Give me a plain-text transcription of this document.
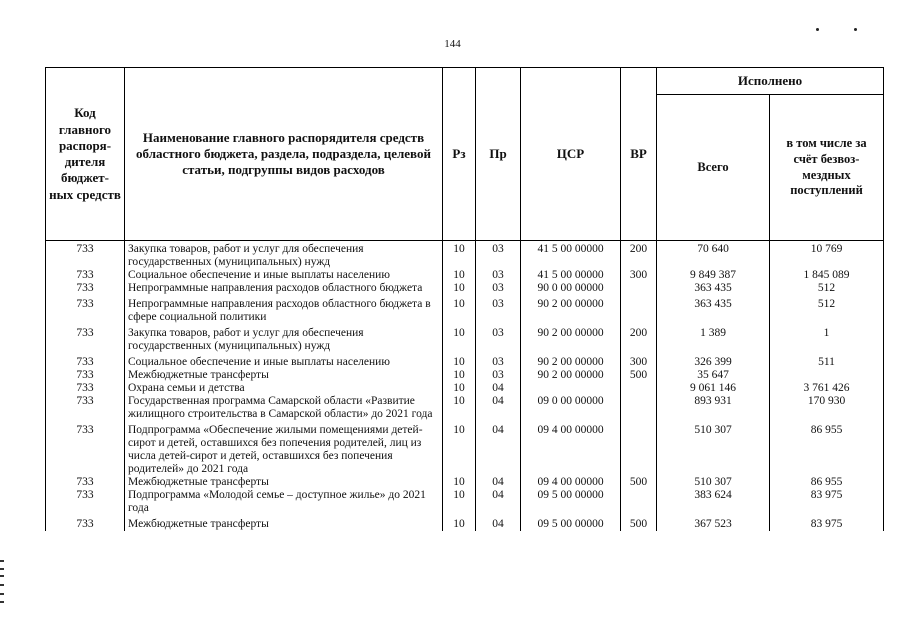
144
Код главного распоря-дителя бюджет-ных средств	Наименование главного распорядителя средств областного бюджета, раздела, подраздела, целевой статьи, подгруппы видов расходов	Рз	Пр	ЦСР	ВР	Исполнено	
						Всего	в том числе за счёт безвоз-мездных поступлений

733	Закупка товаров, работ и услуг для обеспечения государственных (муниципальных) нужд	10	03	41 5 00 00000	200	70 640	10 769
733	Социальное обеспечение и иные выплаты населению	10	03	41 5 00 00000	300	9 849 387	1 845 089
733	Непрограммные направления расходов областного бюджета	10	03	90 0 00 00000		363 435	512
733	Непрограммные направления расходов областного бюджета в сфере социальной политики	10	03	90 2 00 00000		363 435	512
733	Закупка товаров, работ и услуг для обеспечения государственных (муниципальных) нужд	10	03	90 2 00 00000	200	1 389	1
733	Социальное обеспечение и иные выплаты населению	10	03	90 2 00 00000	300	326 399	511
733	Межбюджетные трансферты	10	03	90 2 00 00000	500	35 647	
733	Охрана семьи и детства	10	04			9 061 146	3 761 426
733	Государственная программа Самарской области «Развитие жилищного строительства в Самарской области» до 2021 года	10	04	09 0 00 00000		893 931	170 930
733	Подпрограмма «Обеспечение жилыми помещениями детей-сирот и детей, оставшихся без попечения родителей, лиц из числа детей-сирот и детей, оставшихся без попечения родителей» до 2021 года	10	04	09 4 00 00000		510 307	86 955
733	Межбюджетные трансферты	10	04	09 4 00 00000	500	510 307	86 955
733	Подпрограмма «Молодой семье – доступное жилье» до 2021 года	10	04	09 5 00 00000		383 624	83 975
733	Межбюджетные трансферты	10	04	09 5 00 00000	500	367 523	83 975
